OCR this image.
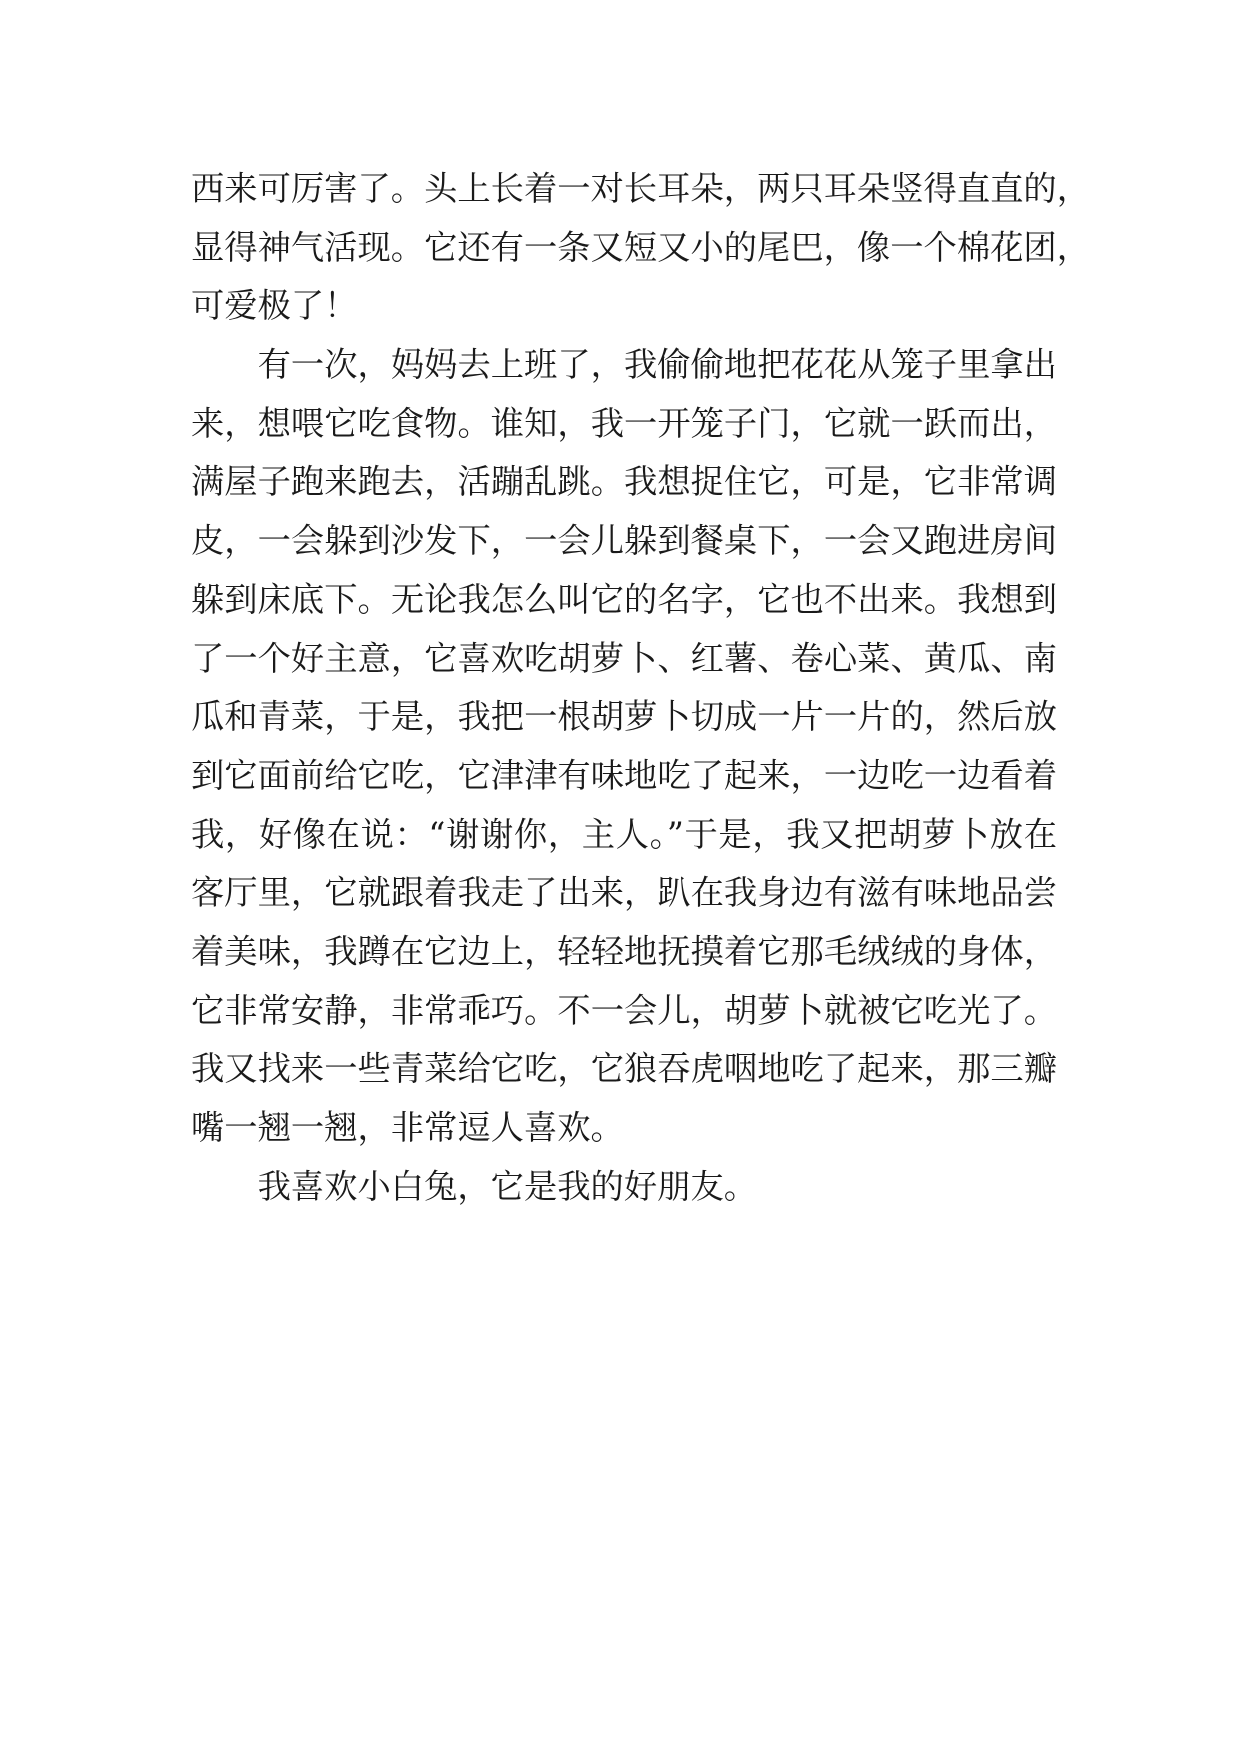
西来可厉害了。头上长着一对长耳朵，两只耳朵竖得直直的，
显得神气活现。它还有一条又短又小的尾巴，像一个棉花团，
可爱极了！
有一次，妈妈去上班了，我偷偷地把花花从笼子里拿出
来，想喂它吃食物。谁知，我一开笼子门，它就一跃而出，
满屋子跑来跑去，活蹦乱跳。我想捉住它，可是，它非常调
皮，一会躲到沙发下，一会儿躲到餐桌下，一会又跑进房间
躲到床底下。无论我怎么叫它的名字，它也不出来。我想到
了一个好主意，它喜欢吃胡萝卜、红薯、卷心菜、黄瓜、南
瓜和青菜，于是，我把一根胡萝卜切成一片一片的，然后放
到它面前给它吃，它津津有味地吃了起来，一边吃一边看着
我，好像在说：“谢谢你，主人。”于是，我又把胡萝卜放在
客厅里，它就跟着我走了出来，趴在我身边有滋有味地品尝
着美味，我蹲在它边上，轻轻地抚摸着它那毛绒绒的身体，
它非常安静，非常乖巧。不一会儿，胡萝卜就被它吃光了。
我又找来一些青菜给它吃，它狼吞虎咽地吃了起来，那三瓣
嘴一翘一翘，非常逗人喜欢。
我喜欢小白兔，它是我的好朋友。
